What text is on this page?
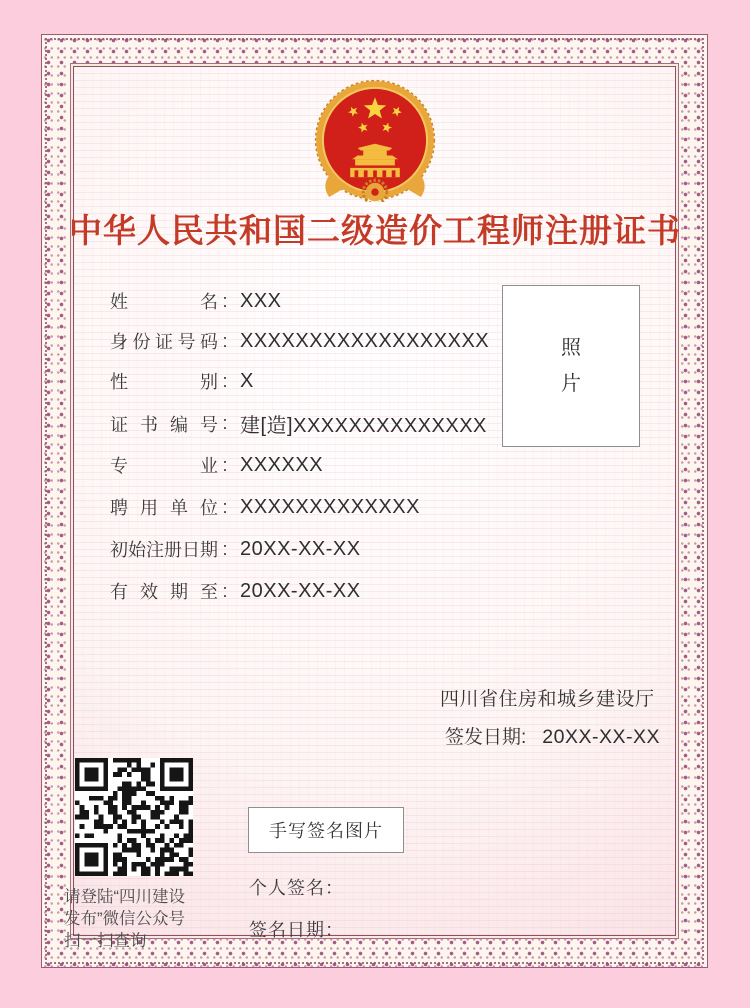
中华人民共和国二级造价工程师注册证书
姓名 : XXX
身份证号码 : XXXXXXXXXXXXXXXXXX
性别 : X
证书编号 : 建[造]XXXXXXXXXXXXXX
专业 : XXXXXX
聘用单位 : XXXXXXXXXXXXX
初始注册日期 : 20XX-XX-XX
有效期至 : 20XX-XX-XX
照片
四川省住房和城乡建设厅
签发日期: 20XX-XX-XX
请登陆“四川建设
发布”微信公众号
扫一扫查询
手写签名图片
个人签名：
签名日期：
